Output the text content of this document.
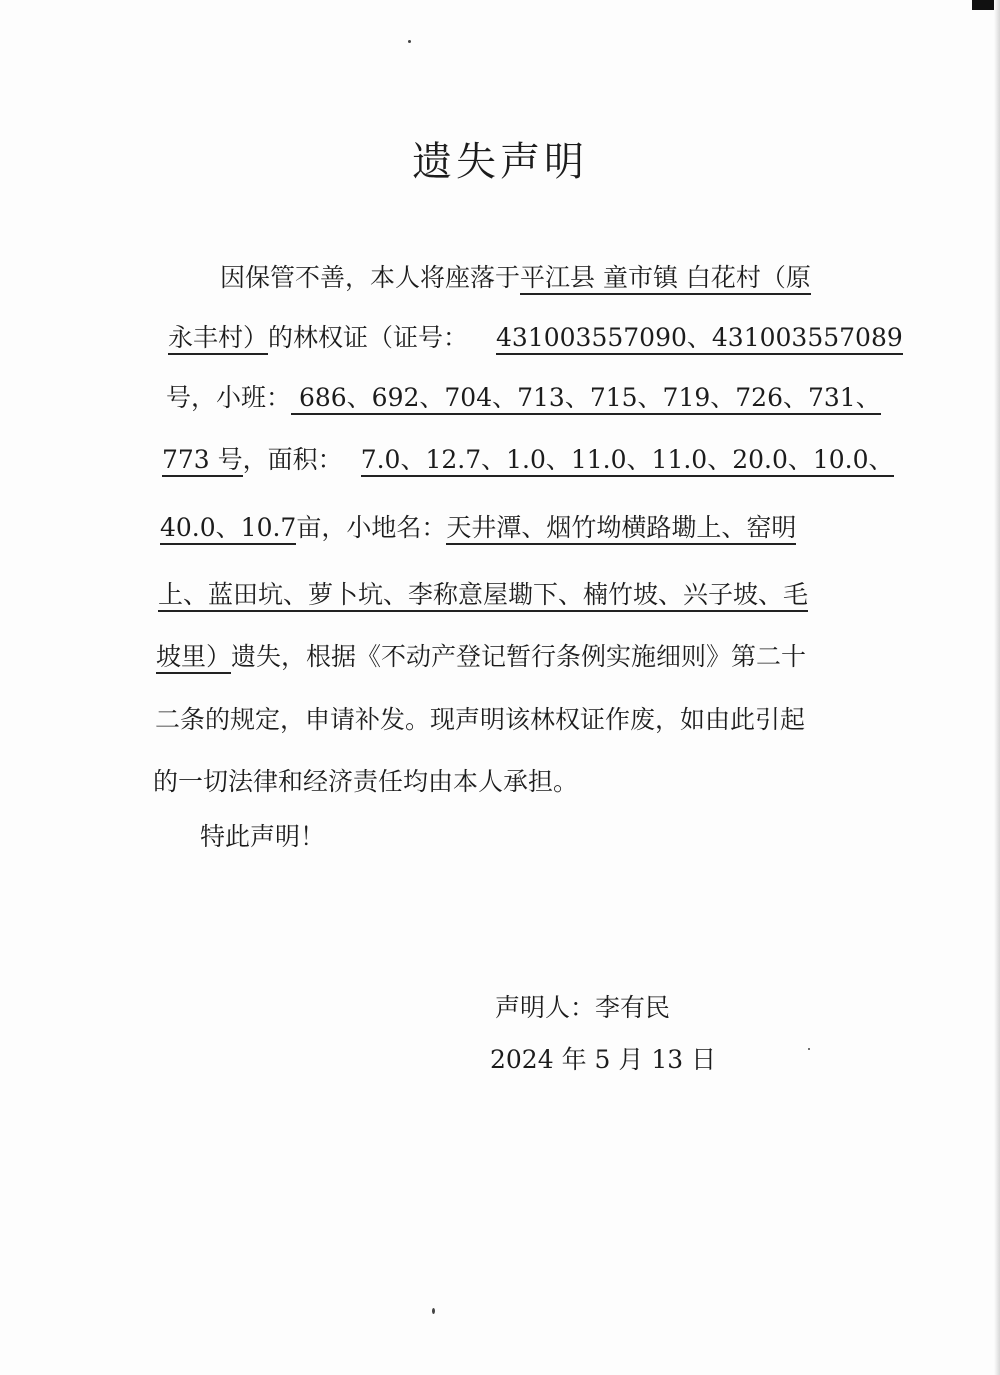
遗失声明
因保管不善，本人将座落于平江县 童市镇 白花村（原
永丰村）的林权证（证号： 431003557090、431003557089
号，小班： 686、692、704、713、715、719、726、731、
773 号，面积： 7.0、12.7、1.0、11.0、11.0、20.0、10.0、
40.0、10.7亩，小地名：天井潭、烟竹坳横路墈上、窑明
上、蓝田坑、萝卜坑、李称意屋墈下、楠竹坡、兴子坡、毛
坡里）遗失，根据《不动产登记暂行条例实施细则》第二十
二条的规定，申请补发。现声明该林权证作废，如由此引起
的一切法律和经济责任均由本人承担。
特此声明！
声明人：李有民
2024 年 5 月 13 日
